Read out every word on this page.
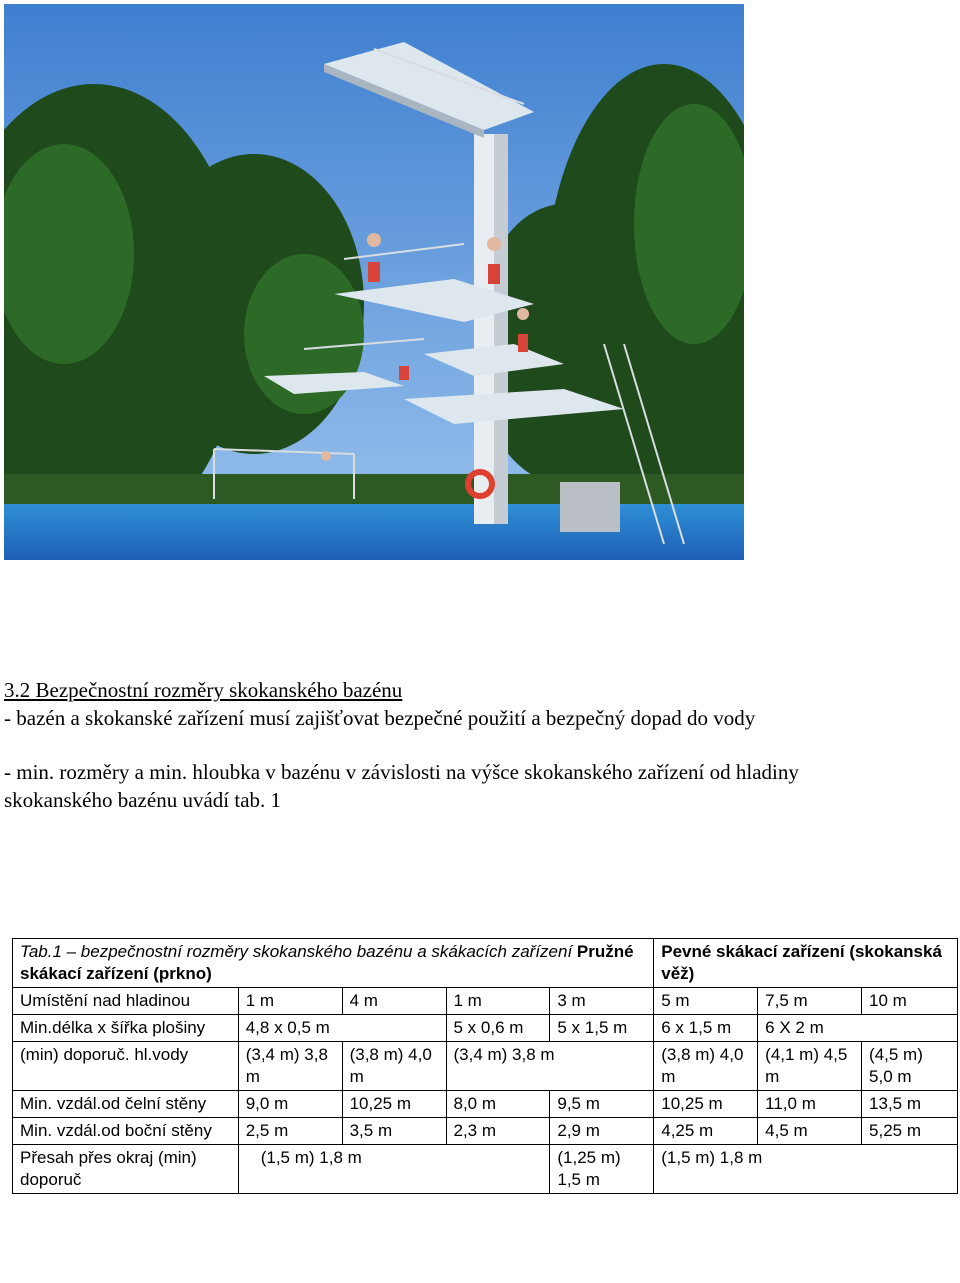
3.2 Bezpečnostní rozměry skokanského bazénu
- bazén a skokanské zařízení musí zajišťovat bezpečné použití a bezpečný dopad do vody
- min. rozměry a min. hloubka v bazénu v závislosti na výšce skokanského zařízení od hladiny skokanského bazénu uvádí tab. 1
Tab.1 – bezpečnostní rozměry skokanského bazénu a skákacích zařízení Pružné skákací zařízení (prkno)					Pevné skákací zařízení (skokanská věž)		
Umístění nad hladinou	1 m	4 m	1 m	3 m	5 m	7,5 m	10 m
Min.délka x šířka plošiny	4,8 x 0,5 m		5 x 0,6 m	5 x 1,5 m	6 x 1,5 m	6 X 2 m	
(min) doporuč. hl.vody	(3,4 m) 3,8 m	(3,8 m) 4,0 m	(3,4 m) 3,8 m		(3,8 m) 4,0 m	(4,1 m) 4,5 m	(4,5 m) 5,0 m
Min. vzdál.od čelní stěny	9,0 m	10,25 m	8,0 m	9,5 m	10,25 m	11,0 m	13,5 m
Min. vzdál.od boční stěny	2,5 m	3,5 m	2,3 m	2,9 m	4,25 m	4,5 m	5,25 m
Přesah přes okraj (min) doporuč	(1,5 m) 1,8 m			(1,25 m) 1,5 m	(1,5 m) 1,8 m		
